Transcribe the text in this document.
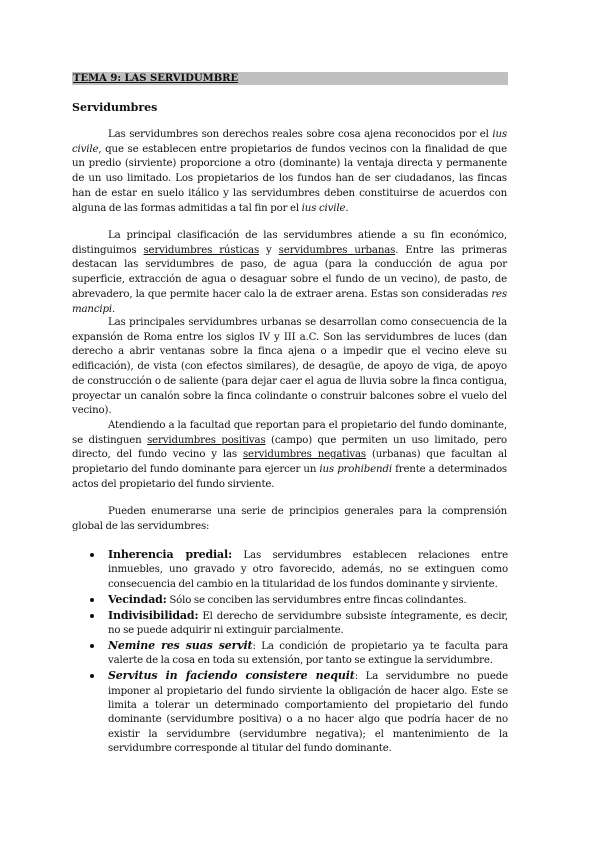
TEMA 9: LAS SERVIDUMBRE
Servidumbres

Las servidumbres son derechos reales sobre cosa ajena reconocidos por el ius civile, que se establecen entre propietarios de fundos vecinos con la finalidad de que un predio (sirviente) proporcione a otro (dominante) la ventaja directa y permanente de un uso limitado. Los propietarios de los fundos han de ser ciudadanos, las fincas han de estar en suelo itálico y las servidumbres deben constituirse de acuerdos con alguna de las formas admitidas a tal fin por el ius civile.

La principal clasificación de las servidumbres atiende a su fin económico, distinguimos servidumbres rústicas y servidumbres urbanas. Entre las primeras destacan las servidumbres de paso, de agua (para la conducción de agua por superficie, extracción de agua o desaguar sobre el fundo de un vecino), de pasto, de abrevadero, la que permite hacer calo la de extraer arena. Estas son consideradas res mancipi.

Las principales servidumbres urbanas se desarrollan como consecuencia de la expansión de Roma entre los siglos IV y III a.C. Son las servidumbres de luces (dan derecho a abrir ventanas sobre la finca ajena o a impedir que el vecino eleve su edificación), de vista (con efectos similares), de desagüe, de apoyo de viga, de apoyo de construcción o de saliente (para dejar caer el agua de lluvia sobre la finca contigua, proyectar un canalón sobre la finca colindante o construir balcones sobre el vuelo del vecino).

Atendiendo a la facultad que reportan para el propietario del fundo dominante, se distinguen servidumbres positivas (campo) que permiten un uso limitado, pero directo, del fundo vecino y las servidumbres negativas (urbanas) que facultan al propietario del fundo dominante para ejercer un ius prohibendi frente a determinados actos del propietario del fundo sirviente.

Pueden enumerarse una serie de principios generales para la comprensión global de las servidumbres:

Inherencia predial: Las servidumbres establecen relaciones entre inmuebles, uno gravado y otro favorecido, además, no se extinguen como consecuencia del cambio en la titularidad de los fundos dominante y sirviente.
Vecindad: Sólo se conciben las servidumbres entre fincas colindantes.
Indivisibilidad: El derecho de servidumbre subsiste íntegramente, es decir, no se puede adquirir ni extinguir parcialmente.
Nemine res suas servit: La condición de propietario ya te faculta para valerte de la cosa en toda su extensión, por tanto se extingue la servidumbre.
Servitus in faciendo consistere nequit: La servidumbre no puede imponer al propietario del fundo sirviente la obligación de hacer algo. Este se limita a tolerar un determinado comportamiento del propietario del fundo dominante (servidumbre positiva) o a no hacer algo que podría hacer de no existir la servidumbre (servidumbre negativa); el mantenimiento de la servidumbre corresponde al titular del fundo dominante.
